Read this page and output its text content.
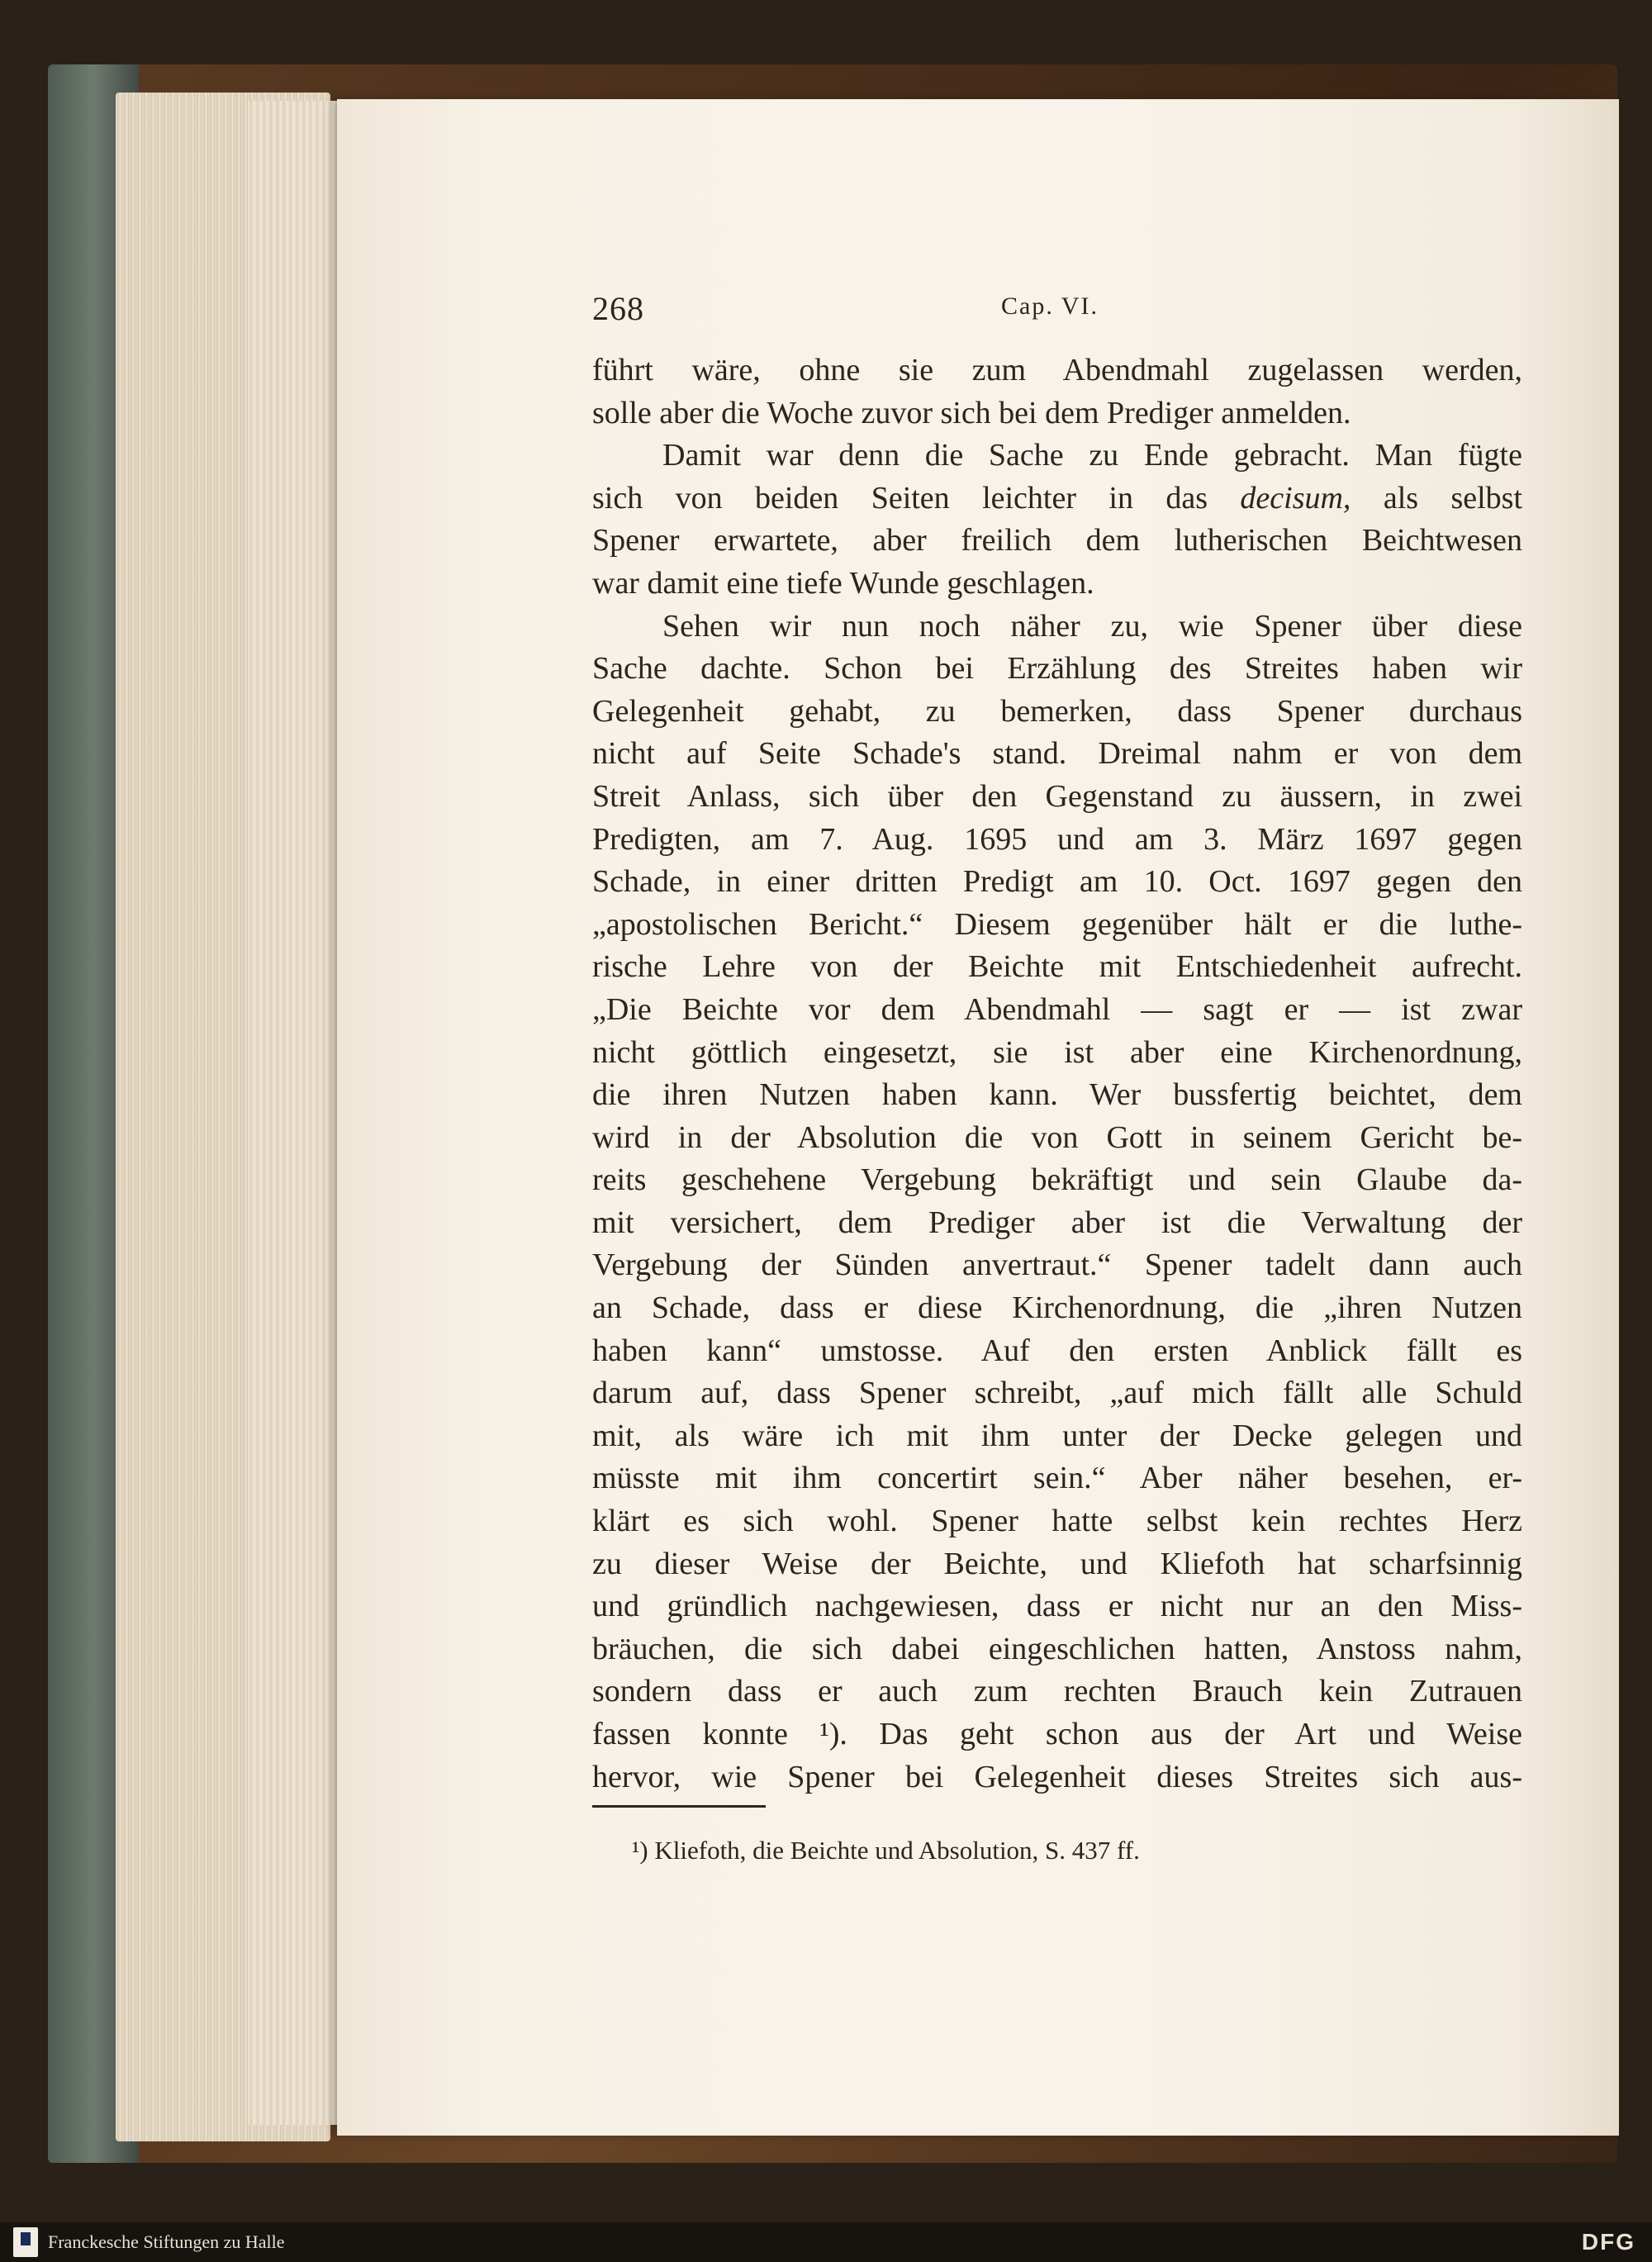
268	Cap. VI.
führt wäre, ohne sie zum Abendmahl zugelassen werden,
solle aber die Woche zuvor sich bei dem Prediger anmelden.
Damit war denn die Sache zu Ende gebracht. Man fügte
sich von beiden Seiten leichter in das decisum, als selbst
Spener erwartete, aber freilich dem lutherischen Beichtwesen
war damit eine tiefe Wunde geschlagen.
Sehen wir nun noch näher zu, wie Spener über diese
Sache dachte. Schon bei Erzählung des Streites haben wir
Gelegenheit gehabt, zu bemerken, dass Spener durchaus
nicht auf Seite Schade's stand. Dreimal nahm er von dem
Streit Anlass, sich über den Gegenstand zu äussern, in zwei
Predigten, am 7. Aug. 1695 und am 3. März 1697 gegen
Schade, in einer dritten Predigt am 10. Oct. 1697 gegen den
„apostolischen Bericht.“ Diesem gegenüber hält er die luthe-
rische Lehre von der Beichte mit Entschiedenheit aufrecht.
„Die Beichte vor dem Abendmahl — sagt er — ist zwar
nicht göttlich eingesetzt, sie ist aber eine Kirchenordnung,
die ihren Nutzen haben kann. Wer bussfertig beichtet, dem
wird in der Absolution die von Gott in seinem Gericht be-
reits geschehene Vergebung bekräftigt und sein Glaube da-
mit versichert, dem Prediger aber ist die Verwaltung der
Vergebung der Sünden anvertraut.“ Spener tadelt dann auch
an Schade, dass er diese Kirchenordnung, die „ihren Nutzen
haben kann“ umstosse. Auf den ersten Anblick fällt es
darum auf, dass Spener schreibt, „auf mich fällt alle Schuld
mit, als wäre ich mit ihm unter der Decke gelegen und
müsste mit ihm concertirt sein.“ Aber näher besehen, er-
klärt es sich wohl. Spener hatte selbst kein rechtes Herz
zu dieser Weise der Beichte, und Kliefoth hat scharfsinnig
und gründlich nachgewiesen, dass er nicht nur an den Miss-
bräuchen, die sich dabei eingeschlichen hatten, Anstoss nahm,
sondern dass er auch zum rechten Brauch kein Zutrauen
fassen konnte ¹). Das geht schon aus der Art und Weise
hervor, wie Spener bei Gelegenheit dieses Streites sich aus-
¹) Kliefoth, die Beichte und Absolution, S. 437 ff.
Franckesche Stiftungen zu Halle	DFG
